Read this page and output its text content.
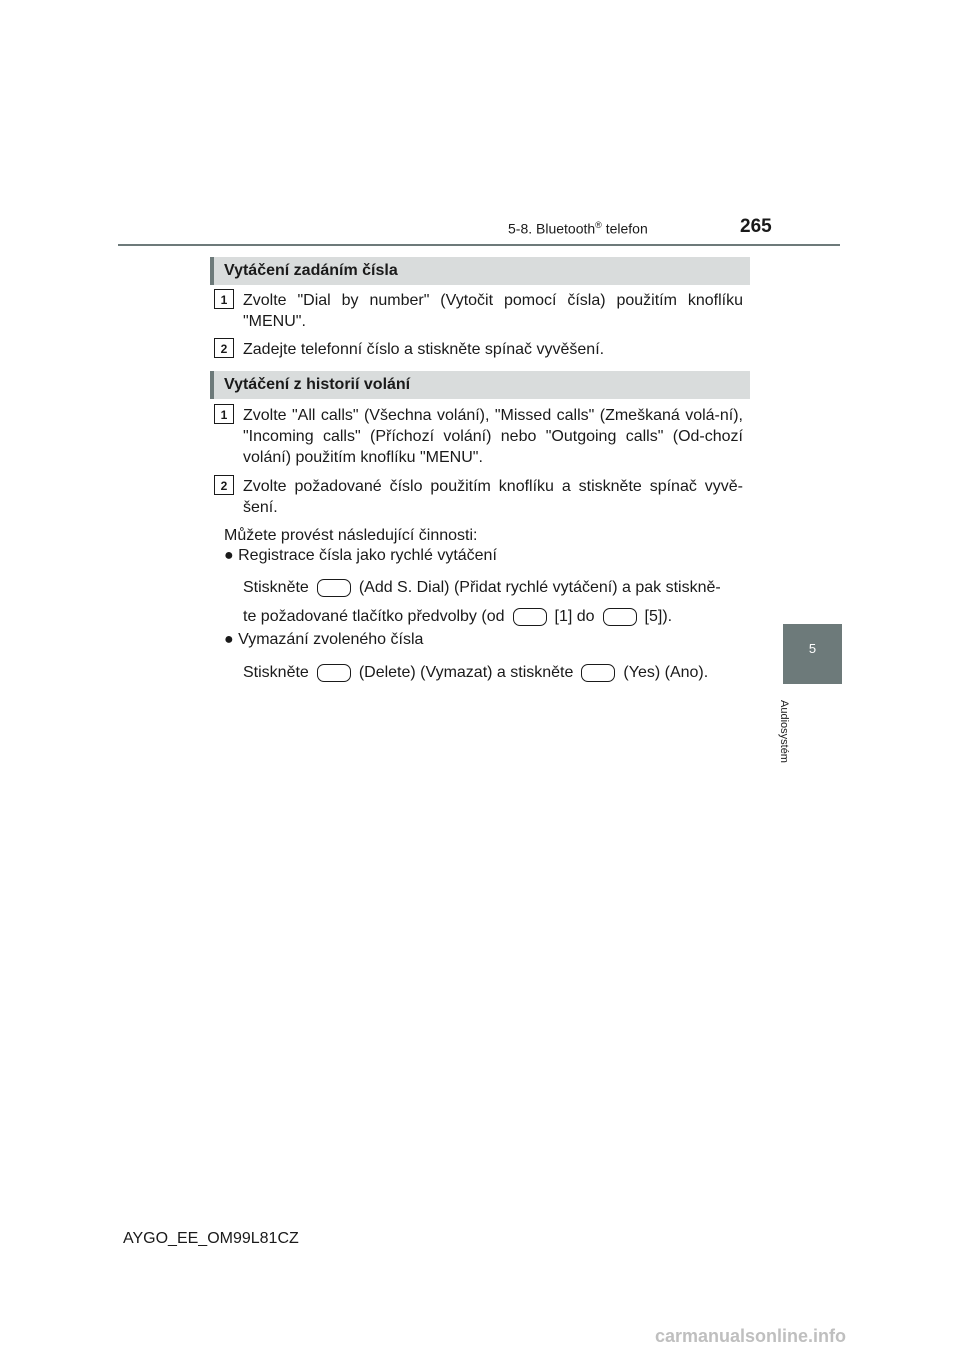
5-8. Bluetooth® telefon	265
5
Audiosystém
Vytáčení zadáním čísla
1 Zvolte "Dial by number" (Vytočit pomocí čísla) použitím knoflíku "MENU".
2 Zadejte telefonní číslo a stiskněte spínač vyvěšení.
Vytáčení z historií volání
1 Zvolte "All calls" (Všechna volání), "Missed calls" (Zmeškaná volá-ní), "Incoming calls" (Příchozí volání) nebo "Outgoing calls" (Od-chozí volání) použitím knoflíku "MENU".
2 Zvolte požadované číslo použitím knoflíku a stiskněte spínač vyvě-šení.
Můžete provést následující činnosti:
● Registrace čísla jako rychlé vytáčení
Stiskněte	(Add S. Dial) (Přidat rychlé vytáčení) a pak stiskně-
te požadované tlačítko předvolby (od	[1] do	[5]).
● Vymazání zvoleného čísla
Stiskněte	(Delete) (Vymazat) a stiskněte	(Yes) (Ano).
AYGO_EE_OM99L81CZ
carmanualsonline.info
